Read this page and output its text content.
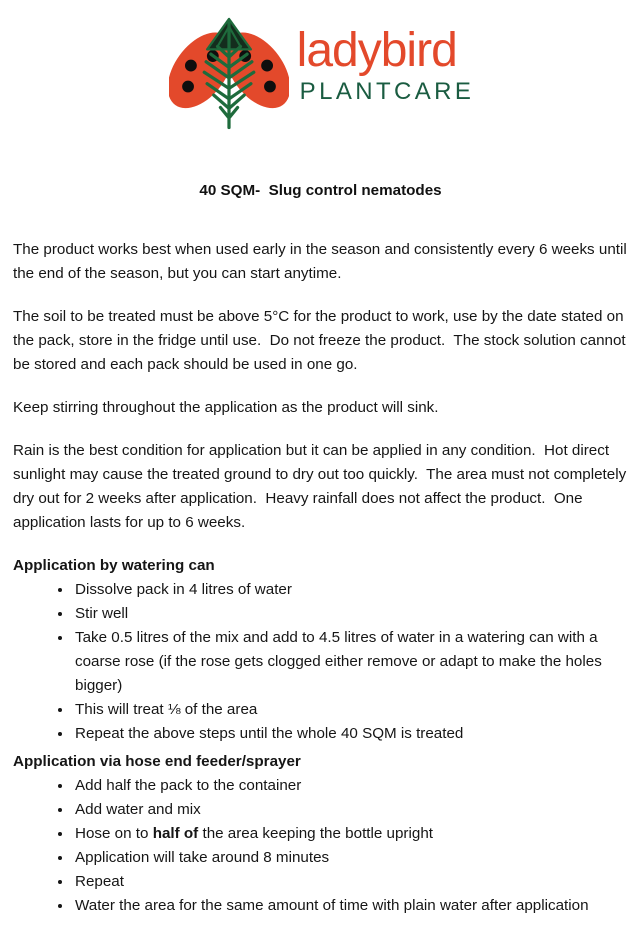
ladybird
PLANTCARE
40 SQM-  Slug control nematodes

The product works best when used early in the season and consistently every 6 weeks until the end of the season, but you can start anytime.

The soil to be treated must be above 5°C for the product to work, use by the date stated on the pack, store in the fridge until use.  Do not freeze the product.  The stock solution cannot be stored and each pack should be used in one go.

Keep stirring throughout the application as the product will sink.

Rain is the best condition for application but it can be applied in any condition.  Hot direct sunlight may cause the treated ground to dry out too quickly.  The area must not completely dry out for 2 weeks after application.  Heavy rainfall does not affect the product.  One application lasts for up to 6 weeks.

Application by watering can
• Dissolve pack in 4 litres of water
• Stir well
• Take 0.5 litres of the mix and add to 4.5 litres of water in a watering can with a coarse rose (if the rose gets clogged either remove or adapt to make the holes bigger)
• This will treat ⅛ of the area
• Repeat the above steps until the whole 40 SQM is treated
Application via hose end feeder/sprayer
• Add half the pack to the container
• Add water and mix
• Hose on to half of the area keeping the bottle upright
• Application will take around 8 minutes
• Repeat
• Water the area for the same amount of time with plain water after application
